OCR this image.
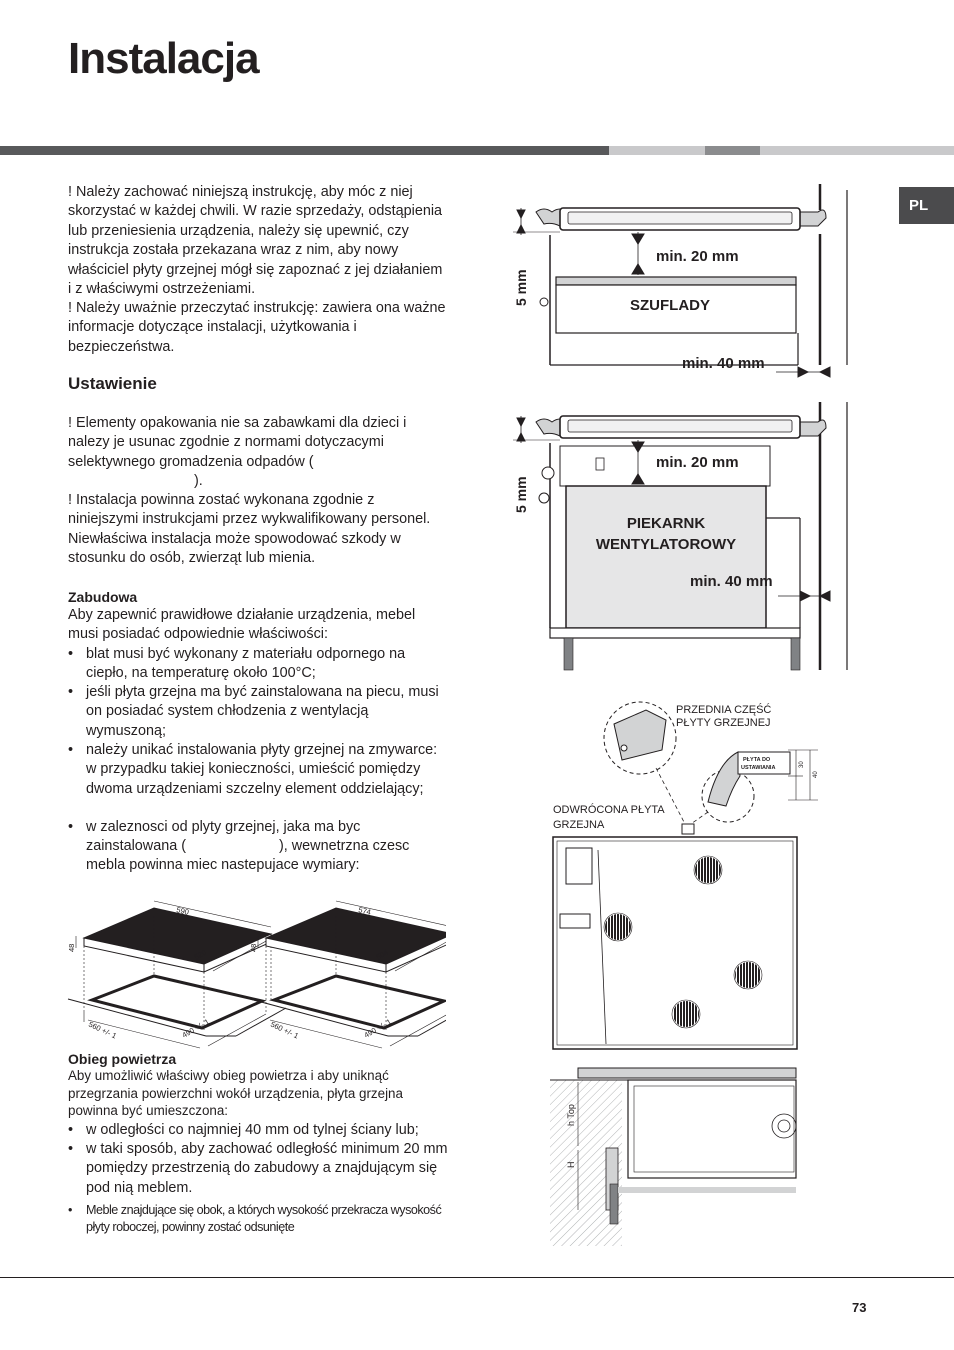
Instalacja
PL
! Należy zachować niniejszą instrukcję, aby móc z niej skorzystać w każdej chwili. W razie sprzedaży, odstąpienia lub przeniesienia urządzenia, należy się upewnić, czy instrukcja została przekazana wraz z nim, aby nowy właściciel płyty grzejnej mógł się zapoznać z jej działaniem i z właściwymi ostrzeżeniami.
! Należy uważnie przeczytać instrukcję: zawiera ona ważne informacje dotyczące instalacji, użytkowania i bezpieczeństwa.
Ustawienie
! Elementy opakowania nie sa zabawkami dla dzieci i nalezy je usunac zgodnie z normami dotyczacymi selektywnego gromadzenia odpadów (
).
! Instalacja powinna zostać wykonana zgodnie z niniejszymi instrukcjami przez wykwalifikowany personel. Niewłaściwa instalacja może spowodować szkody w stosunku do osób, zwierząt lub mienia.
Zabudowa
Aby zapewnić prawidłowe działanie urządzenia, mebel musi posiadać odpowiednie właściwości:
• blat musi być wykonany z materiału odpornego na ciepło, na temperaturę około 100°C;
• jeśli płyta grzejna ma być zainstalowana na piecu, musi on posiadać system chłodzenia z wentylacją wymuszoną;
• należy unikać instalowania płyty grzejnej na zmywarce: w przypadku takiej konieczności, umieścić pomiędzy dwoma urządzeniami szczelny element oddzielający;
• w zaleznosci od plyty grzejnej, jaka ma byc zainstalowana (	), wewnetrzna czesc
mebla powinna miec nastepujace wymiary:
590
520
48
560 +/- 1	490 +/- 1
574
504
48
560 +/- 1	490 +/- 1
Obieg powietrza
Aby umożliwić właściwy obieg powietrza i aby uniknąć przegrzania powierzchni wokół urządzenia, płyta grzejna powinna być umieszczona:
• w odległości co najmniej 40 mm od tylnej ściany lub;
• w taki sposób, aby zachować odległość minimum 20 mm pomiędzy przestrzenią do zabudowy a znajdującym się pod nią meblem.
• Meble znajdujące się obok, a których wysokość przekracza wysokość płyty roboczej, powinny zostać odsunięte
5 mm
min. 20 mm
SZUFLADY
min. 40 mm
5 mm
min. 20 mm
PIEKARNK
WENTYLATOROWY
min. 40 mm
PRZEDNIA CZĘŚĆ
PŁYTY GRZEJNEJ
PŁYTA DO
USTAWIANIA	30
40
ODWRÓCONA PŁYTA
GRZEJNA
h Top
H
73
